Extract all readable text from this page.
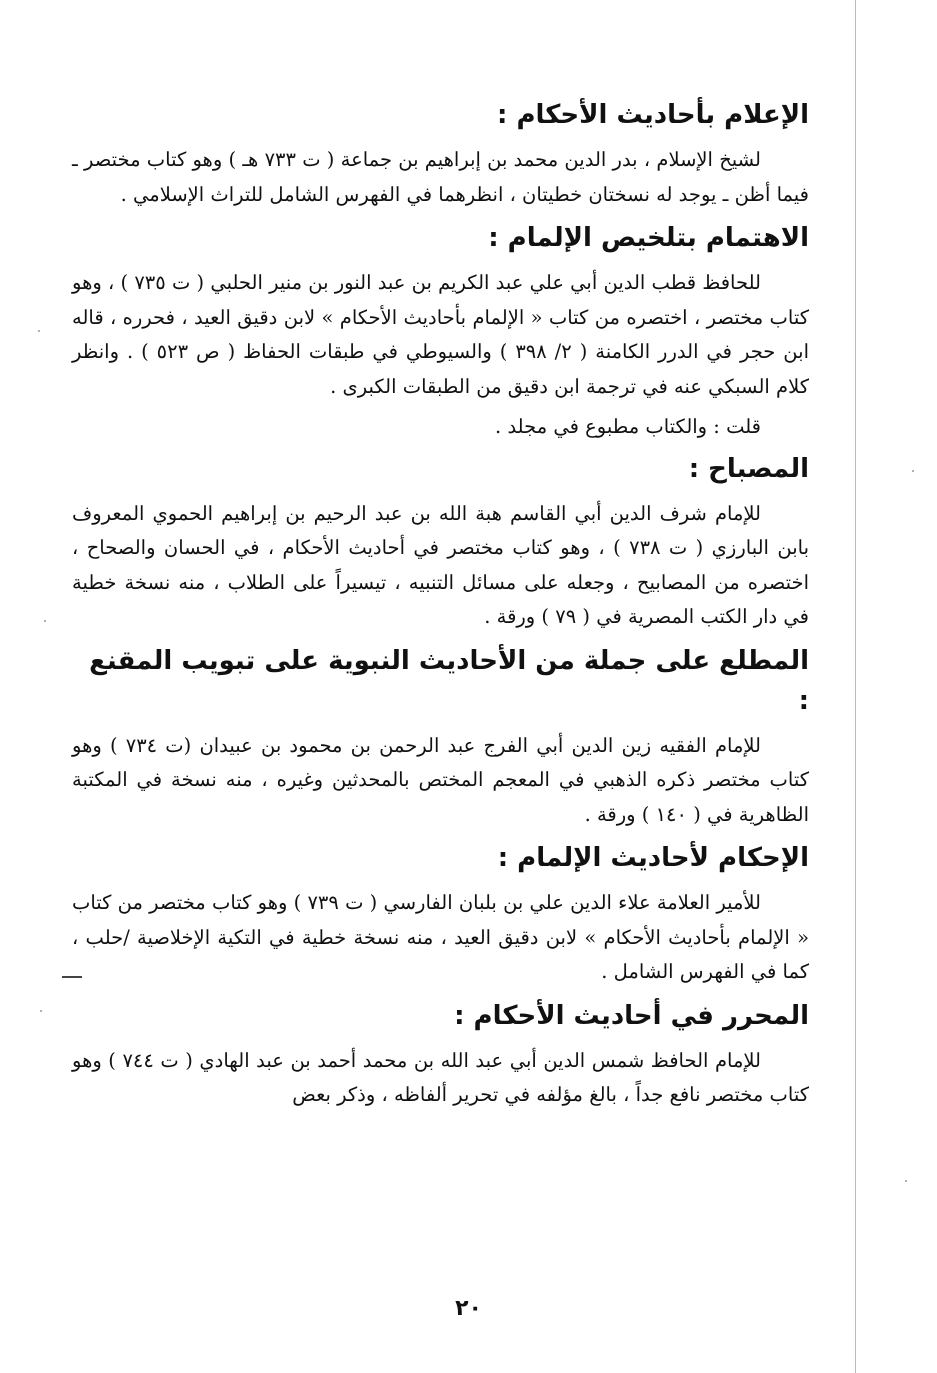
الإعلام بأحاديث الأحكام :

لشيخ الإسلام ، بدر الدين محمد بن إبراهيم بن جماعة ( ت ٧٣٣ هـ ) وهو كتاب مختصر ـ فيما أظن ـ يوجد له نسختان خطيتان ، انظرهما في الفهرس الشامل للتراث الإسلامي .

الاهتمام بتلخيص الإلمام :

للحافظ قطب الدين أبي علي عبد الكريم بن عبد النور بن منير الحلبي ( ت ٧٣٥ ) ، وهو كتاب مختصر ، اختصره من كتاب « الإلمام بأحاديث الأحكام » لابن دقيق العيد ، فحرره ، قاله ابن حجر في الدرر الكامنة ( ٢/ ٣٩٨ ) والسيوطي في طبقات الحفاظ ( ص ٥٢٣ ) . وانظر كلام السبكي عنه في ترجمة ابن دقيق من الطبقات الكبرى .

قلت : والكتاب مطبوع في مجلد .

المصباح :

للإمام شرف الدين أبي القاسم هبة الله بن عبد الرحيم بن إبراهيم الحموي المعروف بابن البارزي ( ت ٧٣٨ ) ، وهو كتاب مختصر في أحاديث الأحكام ، في الحسان والصحاح ، اختصره من المصابيح ، وجعله على مسائل التنبيه ، تيسيراً على الطلاب ، منه نسخة خطية في دار الكتب المصرية في ( ٧٩ ) ورقة .

المطلع على جملة من الأحاديث النبوية على تبويب المقنع :

للإمام الفقيه زين الدين أبي الفرج عبد الرحمن بن محمود بن عبيدان (ت ٧٣٤ ) وهو كتاب مختصر ذكره الذهبي في المعجم المختص بالمحدثين وغيره ، منه نسخة في المكتبة الظاهرية في ( ١٤٠ ) ورقة .

الإحكام لأحاديث الإلمام :

للأمير العلامة علاء الدين علي بن بلبان الفارسي ( ت ٧٣٩ ) وهو كتاب مختصر من كتاب « الإلمام بأحاديث الأحكام » لابن دقيق العيد ، منه نسخة خطية في التكية الإخلاصية /حلب ، كما في الفهرس الشامل .

المحرر في أحاديث الأحكام :

للإمام الحافظ شمس الدين أبي عبد الله بن محمد أحمد بن عبد الهادي ( ت ٧٤٤ ) وهو كتاب مختصر نافع جداً ، بالغ مؤلفه في تحرير ألفاظه ، وذكر بعض

٢٠
